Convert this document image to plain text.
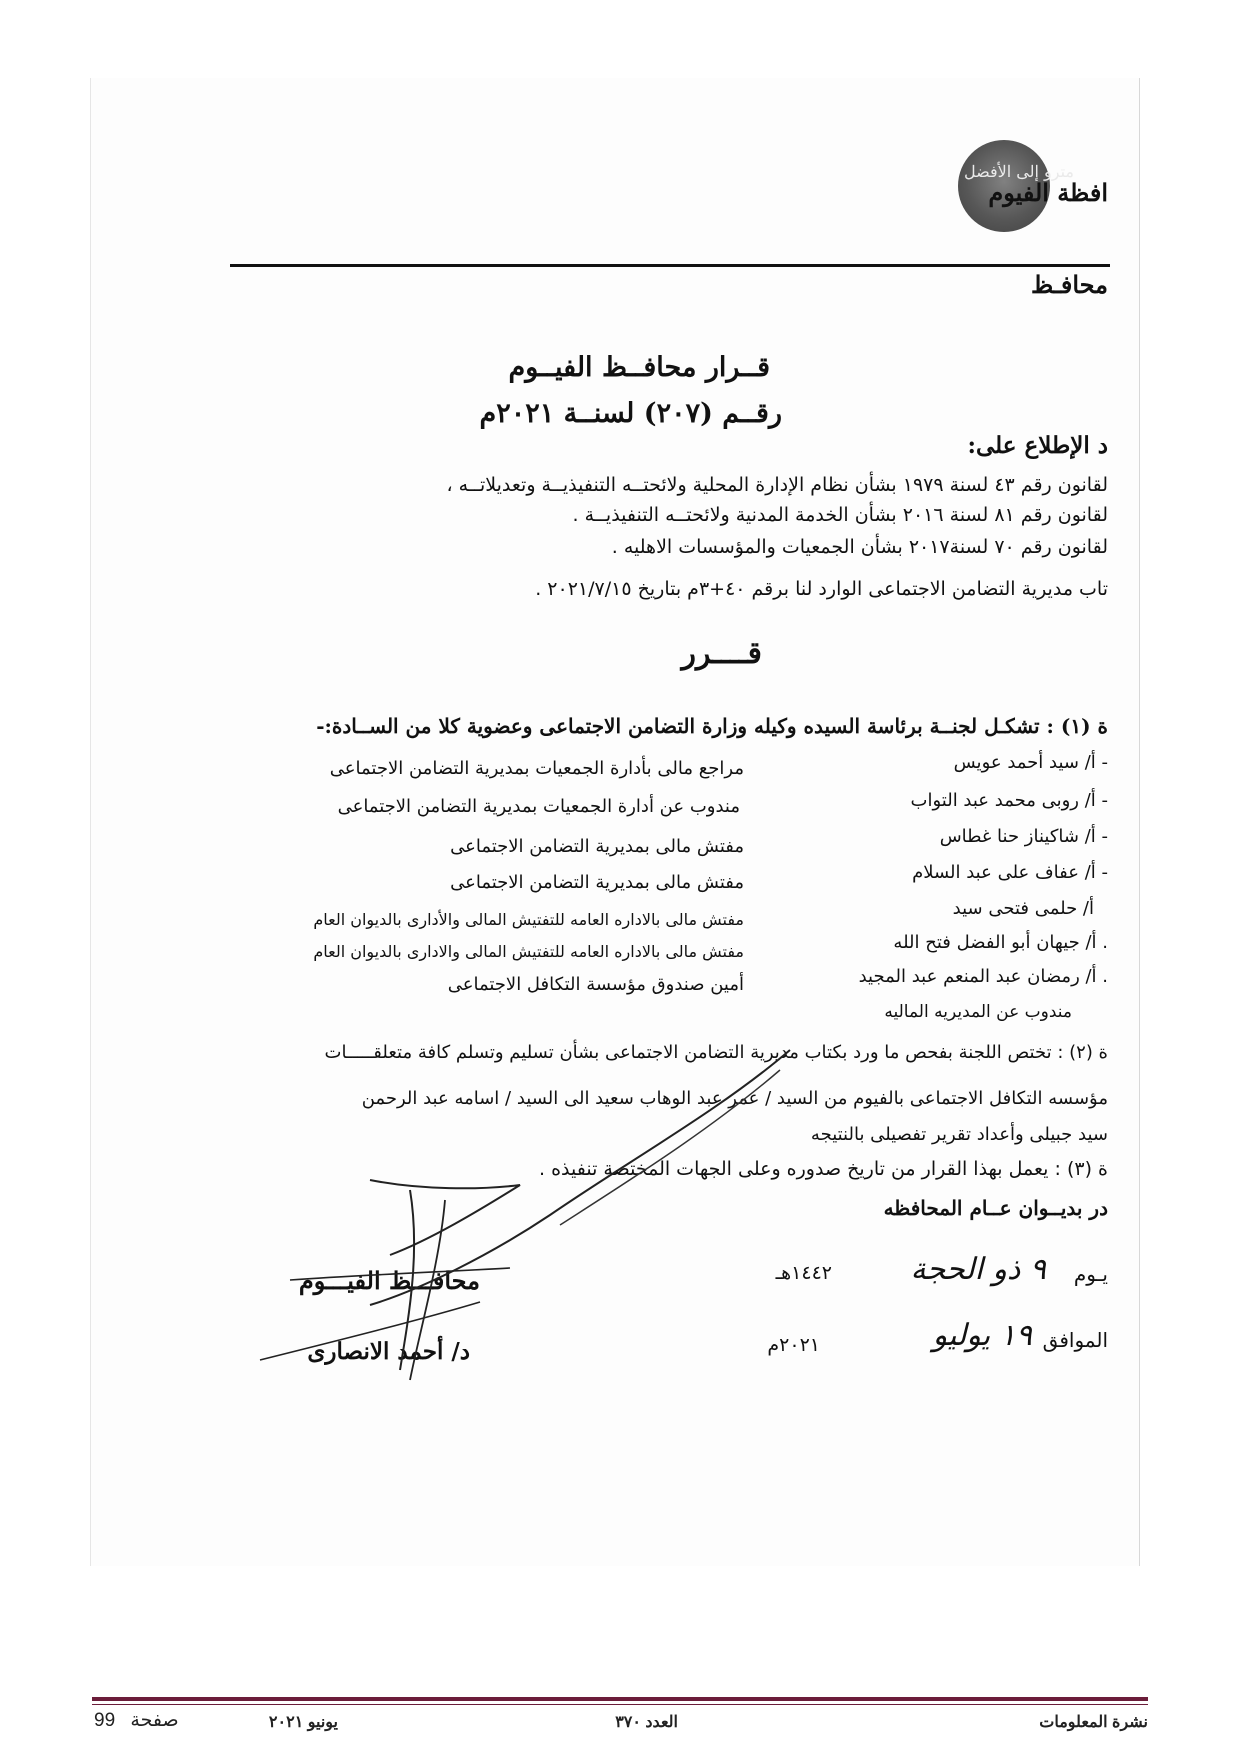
مترو إلى الأفضل
افظة الفيوم
محافـظ
قــرار محافــظ الفيــوم
رقــم (٢٠٧) لسنــة ٢٠٢١م
د الإطلاع على:
لقانون رقم ٤٣ لسنة ١٩٧٩ بشأن نظام الإدارة المحلية ولائحتــه التنفيذيــة وتعديلاتــه ،
لقانون رقم ٨١ لسنة ٢٠١٦ بشأن الخدمة المدنية ولائحتــه التنفيذيــة .
لقانون رقم ٧٠ لسنة٢٠١٧ بشأن الجمعيات والمؤسسات الاهليه .
تاب مديرية التضامن الاجتماعى الوارد لنا برقم ٤٠+٣م بتاريخ ٢٠٢١/٧/١٥ .
قــــرر
ة (١) : تشكـل لجنــة برئاسة السيده وكيله وزارة التضامن الاجتماعى وعضوية كلا من الســادة:-
- أ/ سيد أحمد عويس
مراجع مالى بأدارة الجمعيات بمديرية التضامن الاجتماعى
- أ/ روبى محمد عبد التواب
مندوب عن أدارة الجمعيات بمديرية التضامن الاجتماعى
- أ/ شاكيناز حنا غطاس
مفتش مالى بمديرية التضامن الاجتماعى
- أ/ عفاف على عبد السلام
مفتش مالى بمديرية التضامن الاجتماعى
أ/ حلمى فتحى سيد
مفتش مالى بالاداره العامه للتفتيش المالى والأدارى بالديوان العام
. أ/ جيهان أبو الفضل فتح الله
مفتش مالى بالاداره العامه للتفتيش المالى والادارى بالديوان العام
. أ/ رمضان عبد المنعم عبد المجيد
أمين صندوق مؤسسة التكافل الاجتماعى
مندوب عن المديريه الماليه
ة (٢) : تختص اللجنة بفحص ما ورد بكتاب مديرية التضامن الاجتماعى بشأن تسليم وتسلم كافة متعلقـــــات
مؤسسه التكافل الاجتماعى بالفيوم من السيد / عمر عبد الوهاب سعيد الى السيد / اسامه عبد الرحمن
سيد جبيلى وأعداد تقرير تفصيلى بالنتيجه
ة (٣) : يعمل بهذا القرار من تاريخ صدوره وعلى الجهات المختصة تنفيذه .
در بديــوان عــام المحافظه
يـوم
٩ ذو الحجة
١٤٤٢هـ
الموافق
١٩ يوليو
٢٠٢١م
محافـــظ الفيـــوم
د/ أحمد الانصارى
نشرة المعلومات
العدد ٣٧٠
يونيو ٢٠٢١
99 صفحة
